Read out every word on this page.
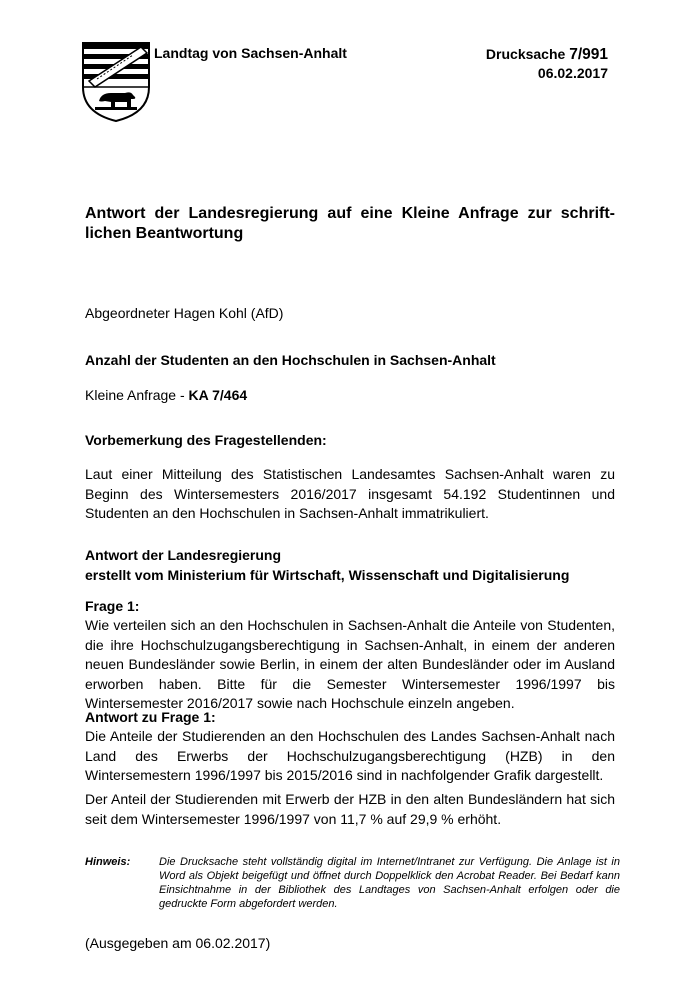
Landtag von Sachsen-Anhalt	Drucksache 7/991
06.02.2017
Antwort der Landesregierung auf eine Kleine Anfrage zur schrift-lichen Beantwortung
Abgeordneter Hagen Kohl (AfD)
Anzahl der Studenten an den Hochschulen in Sachsen-Anhalt
Kleine Anfrage - KA 7/464
Vorbemerkung des Fragestellenden:
Laut einer Mitteilung des Statistischen Landesamtes Sachsen-Anhalt waren zu Beginn des Wintersemesters 2016/2017 insgesamt 54.192 Studentinnen und Studenten an den Hochschulen in Sachsen-Anhalt immatrikuliert.
Antwort der Landesregierung
erstellt vom Ministerium für Wirtschaft, Wissenschaft und Digitalisierung
Frage 1:
Wie verteilen sich an den Hochschulen in Sachsen-Anhalt die Anteile von Studenten, die ihre Hochschulzugangsberechtigung in Sachsen-Anhalt, in einem der anderen neuen Bundesländer sowie Berlin, in einem der alten Bundesländer oder im Ausland erworben haben. Bitte für die Semester Wintersemester 1996/1997 bis Wintersemester 2016/2017 sowie nach Hochschule einzeln angeben.
Antwort zu Frage 1:
Die Anteile der Studierenden an den Hochschulen des Landes Sachsen-Anhalt nach Land des Erwerbs der Hochschulzugangsberechtigung (HZB) in den Wintersemestern 1996/1997 bis 2015/2016 sind in nachfolgender Grafik dargestellt.
Der Anteil der Studierenden mit Erwerb der HZB in den alten Bundesländern hat sich seit dem Wintersemester 1996/1997 von 11,7 % auf 29,9 % erhöht.
Hinweis:	Die Drucksache steht vollständig digital im Internet/Intranet zur Verfügung. Die Anlage ist in Word als Objekt beigefügt und öffnet durch Doppelklick den Acrobat Reader. Bei Bedarf kann Einsichtnahme in der Bibliothek des Landtages von Sachsen-Anhalt erfolgen oder die gedruckte Form abgefordert werden.
(Ausgegeben am 06.02.2017)
